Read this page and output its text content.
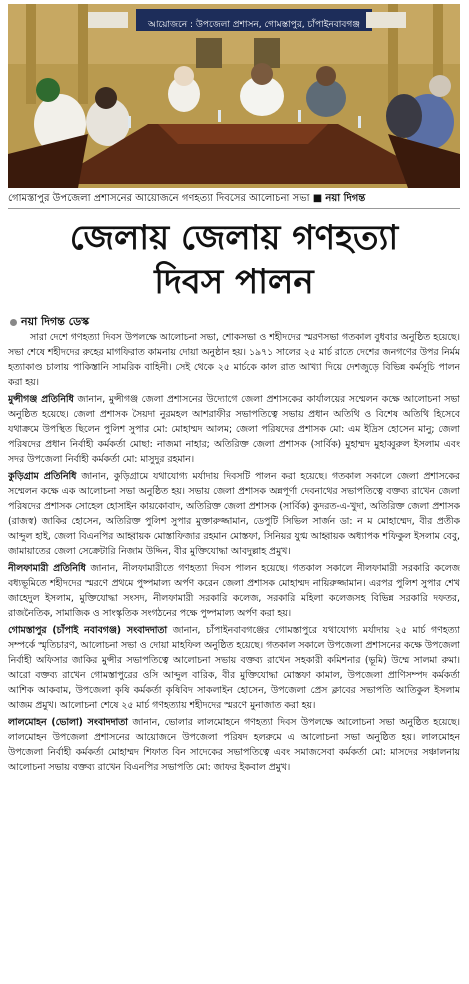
আয়োজনে : উপজেলা প্রশাসন, গোমস্তাপুর, চাঁপাইনবাবগঞ্জ
গোমস্তাপুর উপজেলা প্রশাসনের আয়োজনে গণহত্যা দিবসের আলোচনা সভা ■ নয়া দিগন্ত
জেলায় জেলায় গণহত্যা
দিবস পালন
নয়া দিগন্ত ডেস্ক

সারা দেশে গণহত্যা দিবস উপলক্ষে আলোচনা সভা, শোকসভা ও শহীদদের স্মরণসভা গতকাল বুধবার অনুষ্ঠিত হয়েছে। সভা শেষে শহীদদের রুহের মাগফিরাত কামনায় দোয়া অনুষ্ঠান হয়। ১৯৭১ সালের ২৫ মার্চ রাতে দেশের জনগণের উপর নির্মম হত্যাকাণ্ড চালায় পাকিস্তানি সামরিক বাহিনী। সেই থেকে ২৫ মার্চকে কাল রাত আখ্যা দিয়ে দেশজুড়ে বিভিন্ন কর্মসূচি পালন করা হয়।

মুন্সীগঞ্জ প্রতিনিধি জানান, মুন্সীগঞ্জ জেলা প্রশাসনের উদ্যোগে জেলা প্রশাসকের কার্যালয়ের সম্মেলন কক্ষে আলোচনা সভা অনুষ্ঠিত হয়েছে। জেলা প্রশাসক সৈয়দা নুরমহল আশরাফীর সভাপতিত্বে সভায় প্রধান অতিথি ও বিশেষ অতিথি হিসেবে যথাক্রমে উপস্থিত ছিলেন পুলিশ সুপার মো: মোহাম্মদ আলম; জেলা পরিষদের প্রশাসক মো: এম ইদ্রিস হোসেন মানু; জেলা পরিষদের প্রধান নির্বাহী কর্মকর্তা মোছা: নাজমা নাহার; অতিরিক্ত জেলা প্রশাসক (সার্বিক) মুহাম্মদ মুহাব্বুরুল ইসলাম এবং সদর উপজেলা নির্বাহী কর্মকর্তা মো: মাসুদুর রহমান।

কুড়িগ্রাম প্রতিনিধি জানান, কুড়িগ্রামে যথাযোগ্য মর্যাদায় দিবসটি পালন করা হয়েছে। গতকাল সকালে জেলা প্রশাসকের সম্মেলন কক্ষে এক আলোচনা সভা অনুষ্ঠিত হয়। সভায় জেলা প্রশাসক অন্নপূর্ণা দেবনাথের সভাপতিত্বে বক্তব্য রাখেন জেলা পরিষদের প্রশাসক সোহেল হোসাইন কায়কোবাদ, অতিরিক্ত জেলা প্রশাসক (সার্বিক) কুদরত-এ-খুদা, অতিরিক্ত জেলা প্রশাসক (রাজস্ব) জাকির হোসেন, অতিরিক্ত পুলিশ সুপার মুক্তারুজ্জামান, ডেপুটি সিভিল সার্জন ডা: ন ম মোহাম্মেদ, বীর প্রতীক আব্দুল হাই, জেলা বিএনপির আহ্বায়ক মোস্তাফিজার রহমান মোস্তফা, সিনিয়র যুগ্ম আহ্বায়ক অধ্যাপক শফিকুল ইসলাম বেবু, জামায়াতের জেলা সেক্রেটারি নিজাম উদ্দিন, বীর মুক্তিযোদ্ধা আবদুল্লাহ প্রমুখ।

নীলফামারী প্রতিনিধি জানান, নীলফামারীতে গণহত্যা দিবস পালন হয়েছে। গতকাল সকালে নীলফামারী সরকারি কলেজ বধ্যভূমিতে শহীদদের স্মরণে প্রথমে পুষ্পমাল্য অর্পণ করেন জেলা প্রশাসক মোহাম্মদ নায়িরুজ্জামান। এরপর পুলিশ সুপার শেখ জাহেদুল ইসলাম, মুক্তিযোদ্ধা সংসদ, নীলফামারী সরকারি কলেজ, সরকারি মহিলা কলেজসহ বিভিন্ন সরকারি দফতর, রাজনৈতিক, সামাজিক ও সাংস্কৃতিক সংগঠনের পক্ষে পুষ্পমাল্য অর্পণ করা হয়।

গোমস্তাপুর (চাঁপাই নবাবগঞ্জ) সংবাদদাতা জানান, চাঁপাইনবাবগঞ্জের গোমস্তাপুরে যথাযোগ্য মর্যাদায় ২৫ মার্চ গণহত্যা সম্পর্কে স্মৃতিচারণ, আলোচনা সভা ও দোয়া মাহফিল অনুষ্ঠিত হয়েছে। গতকাল সকালে উপজেলা প্রশাসনের কক্ষে উপজেলা নির্বাহী অফিসার জাকির মুন্সীর সভাপতিত্বে আলোচনা সভায় বক্তব্য রাখেন সহকারী কমিশনার (ভূমি) উম্মে সালমা রুমা। আরো বক্তব্য রাখেন গোমস্তাপুরের ওসি আব্দুল বারিক, বীর মুক্তিযোদ্ধা মোস্তফা কামাল, উপজেলা প্রাণিসম্পদ কর্মকর্তা আশিক আকবাম, উপজেলা কৃষি কর্মকর্তা কৃষিবিদ সাকলাইন হোসেন, উপজেলা প্রেস ক্লাবের সভাপতি আতিকুল ইসলাম আজম প্রমুখ। আলোচনা শেষে ২৫ মার্চ গণহত্যায় শহীদদের স্মরণে মুনাজাত করা হয়।

লালমোহন (ভোলা) সংবাদদাতা জানান, ভোলার লালমোহনে গণহত্যা দিবস উপলক্ষে আলোচনা সভা অনুষ্ঠিত হয়েছে। লালমোহন উপজেলা প্রশাসনের আয়োজনে উপজেলা পরিষদ হলরুমে এ আলোচনা সভা অনুষ্ঠিত হয়। লালমোহন উপজেলা নির্বাহী কর্মকর্তা মোহাম্মদ শিফাত বিন সাদেকের সভাপতিত্বে এবং সমাজসেবা কর্মকর্তা মো: মাসদের সঞ্চালনায় আলোচনা সভায় বক্তব্য রাখেন বিএনপির সভাপতি মো: জাফর ইকবাল প্রমুখ।
